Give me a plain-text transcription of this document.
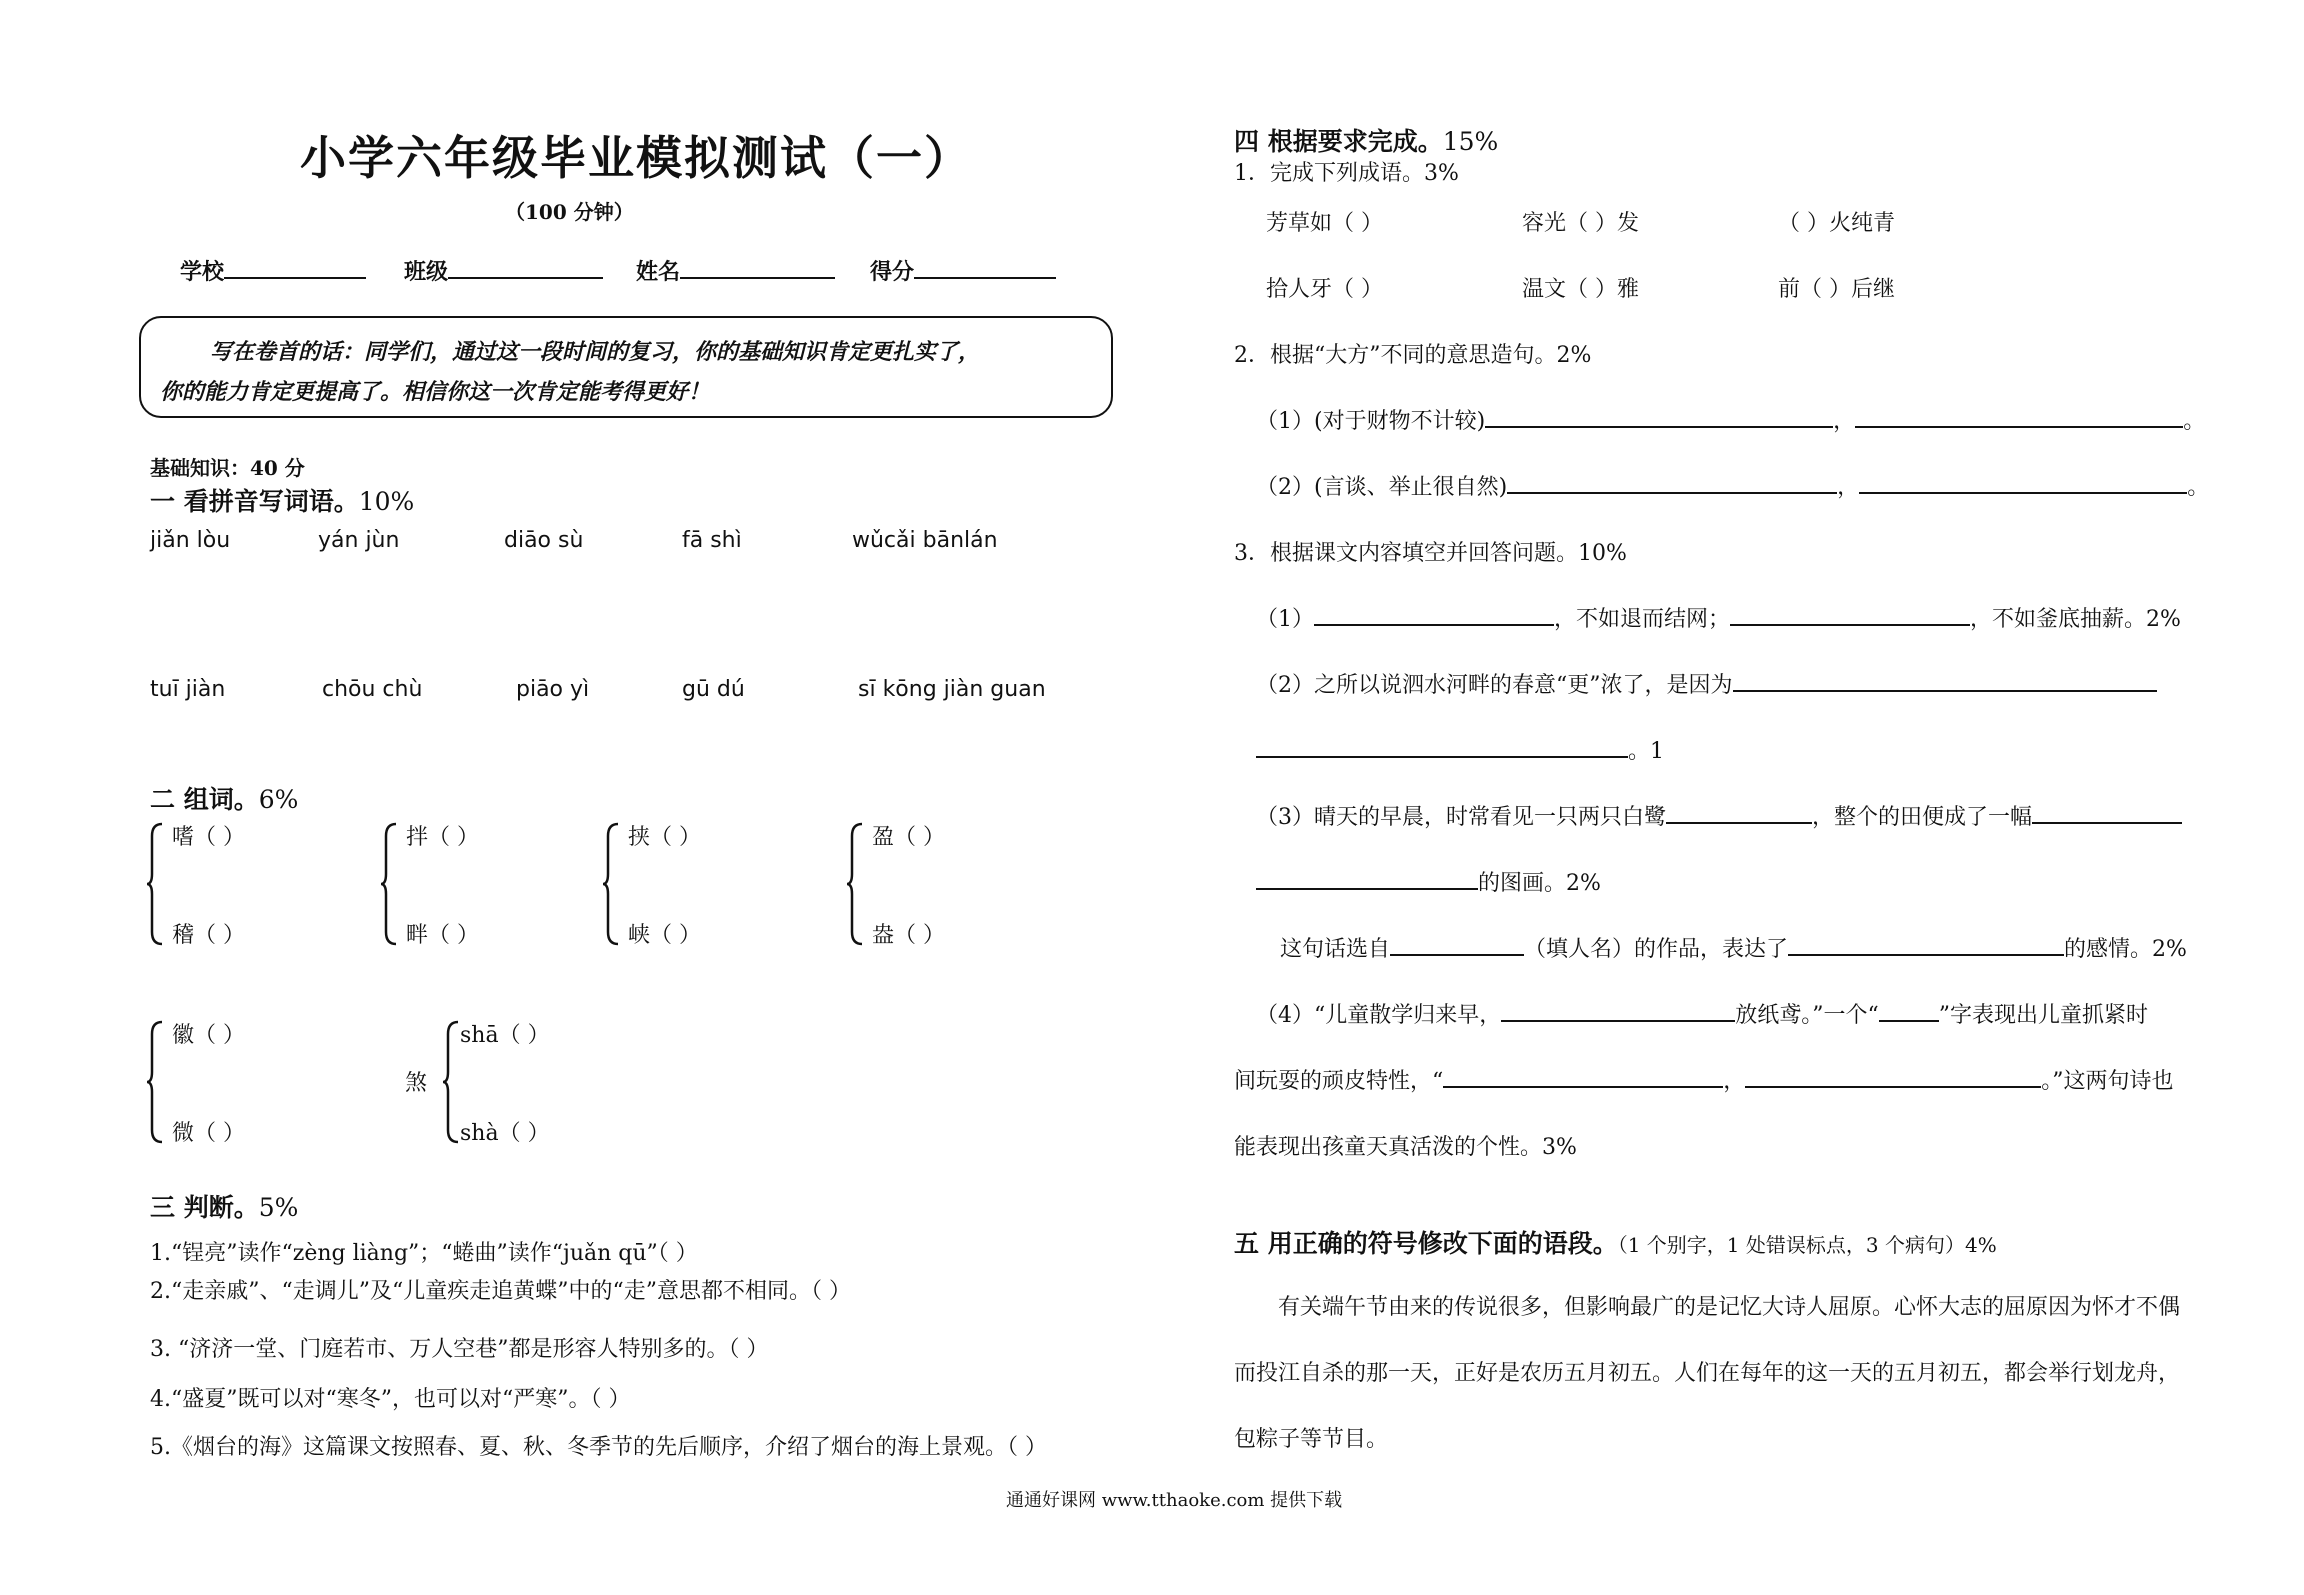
小学六年级毕业模拟测试（一）
（100 分钟）
学校	班级	姓名	得分
写在卷首的话：同学们，通过这一段时间的复习，你的基础知识肯定更扎实了，
你的能力肯定更提高了。相信你这一次肯定能考得更好！
基础知识：40 分
一 看拼音写词语。10%
jiǎn lòu	yán jùn	diāo sù	fā shì	wǔcǎi bānlán
tuī jiàn	chōu chù	piāo yì	gū dú	sī kōng jiàn guan
二 组词。6%
嗜（ ）
稽（ ）
拌（ ）
畔（ ）
挟（ ）
峡（ ）
盈（ ）
盎（ ）
徽（ ）
微（ ）
煞
shā（ ）
shà（ ）
三 判断。5%
1.“锃亮”读作“zèng liàng”；“蜷曲”读作“juǎn qū”（ ）
2.“走亲戚”、“走调儿”及“儿童疾走追黄蝶”中的“走”意思都不相同。（ ）
3. “济济一堂、门庭若市、万人空巷”都是形容人特别多的。（ ）
4.“盛夏”既可以对“寒冬”，也可以对“严寒”。（ ）
5.《烟台的海》这篇课文按照春、夏、秋、冬季节的先后顺序，介绍了烟台的海上景观。（ ）
四 根据要求完成。15%
1．完成下列成语。3%
芳草如（ ）	容光（ ）发	（ ）火纯青
拾人牙（ ）	温文（ ）雅	前（ ）后继
2．根据“大方”不同的意思造句。2%
（1）(对于财物不计较)	，	。
（2）(言谈、举止很自然)	，	。
3．根据课文内容填空并回答问题。10%
（1）	，不如退而结网；	，不如釜底抽薪。2%
（2）之所以说泗水河畔的春意“更”浓了，是因为
。1
（3）晴天的早晨，时常看见一只两只白鹭	，整个的田便成了一幅
的图画。2%
这句话选自	（填人名）的作品，表达了	的感情。2%
（4）“儿童散学归来早，	放纸鸢。”一个“	”字表现出儿童抓紧时
间玩耍的顽皮特性，“	，	。”这两句诗也
能表现出孩童天真活泼的个性。3%
五 用正确的符号修改下面的语段。（1 个别字，1 处错误标点，3 个病句）4%
有关端午节由来的传说很多，但影响最广的是记忆大诗人屈原。心怀大志的屈原因为怀才不偶
而投江自杀的那一天，正好是农历五月初五。人们在每年的这一天的五月初五，都会举行划龙舟，
包粽子等节目。
通通好课网 www.tthaoke.com 提供下载
